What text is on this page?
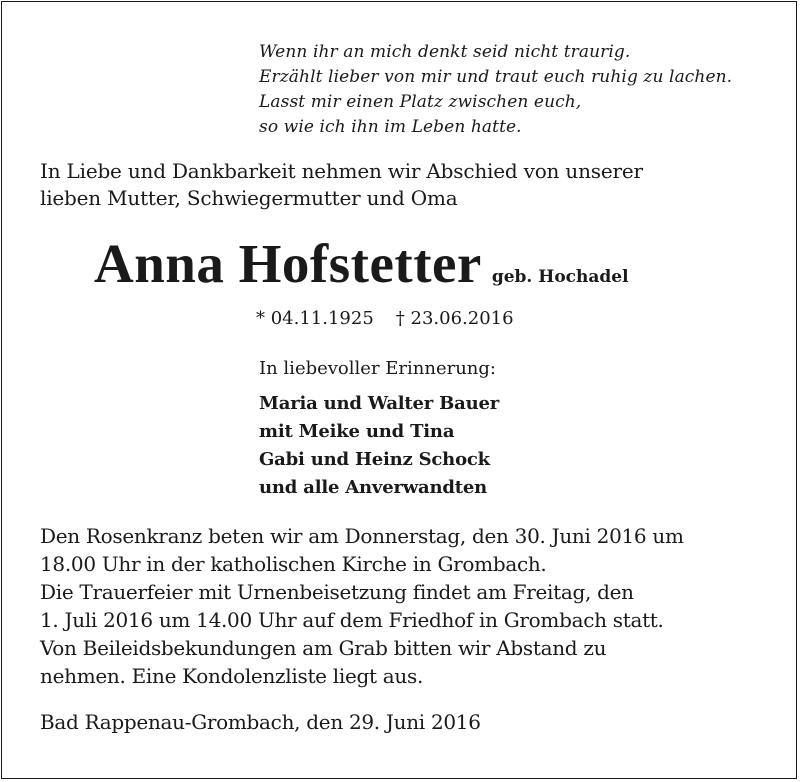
Wenn ihr an mich denkt seid nicht traurig.
Erzählt lieber von mir und traut euch ruhig zu lachen.
Lasst mir einen Platz zwischen euch,
so wie ich ihn im Leben hatte.
In Liebe und Dankbarkeit nehmen wir Abschied von unserer
lieben Mutter, Schwiegermutter und Oma
Anna Hofstetter geb. Hochadel
* 04.11.1925 † 23.06.2016
In liebevoller Erinnerung:
Maria und Walter Bauer
mit Meike und Tina
Gabi und Heinz Schock
und alle Anverwandten
Den Rosenkranz beten wir am Donnerstag, den 30. Juni 2016 um
18.00 Uhr in der katholischen Kirche in Grombach.
Die Trauerfeier mit Urnenbeisetzung findet am Freitag, den
1. Juli 2016 um 14.00 Uhr auf dem Friedhof in Grombach statt.
Von Beileidsbekundungen am Grab bitten wir Abstand zu
nehmen. Eine Kondolenzliste liegt aus.
Bad Rappenau-Grombach, den 29. Juni 2016
